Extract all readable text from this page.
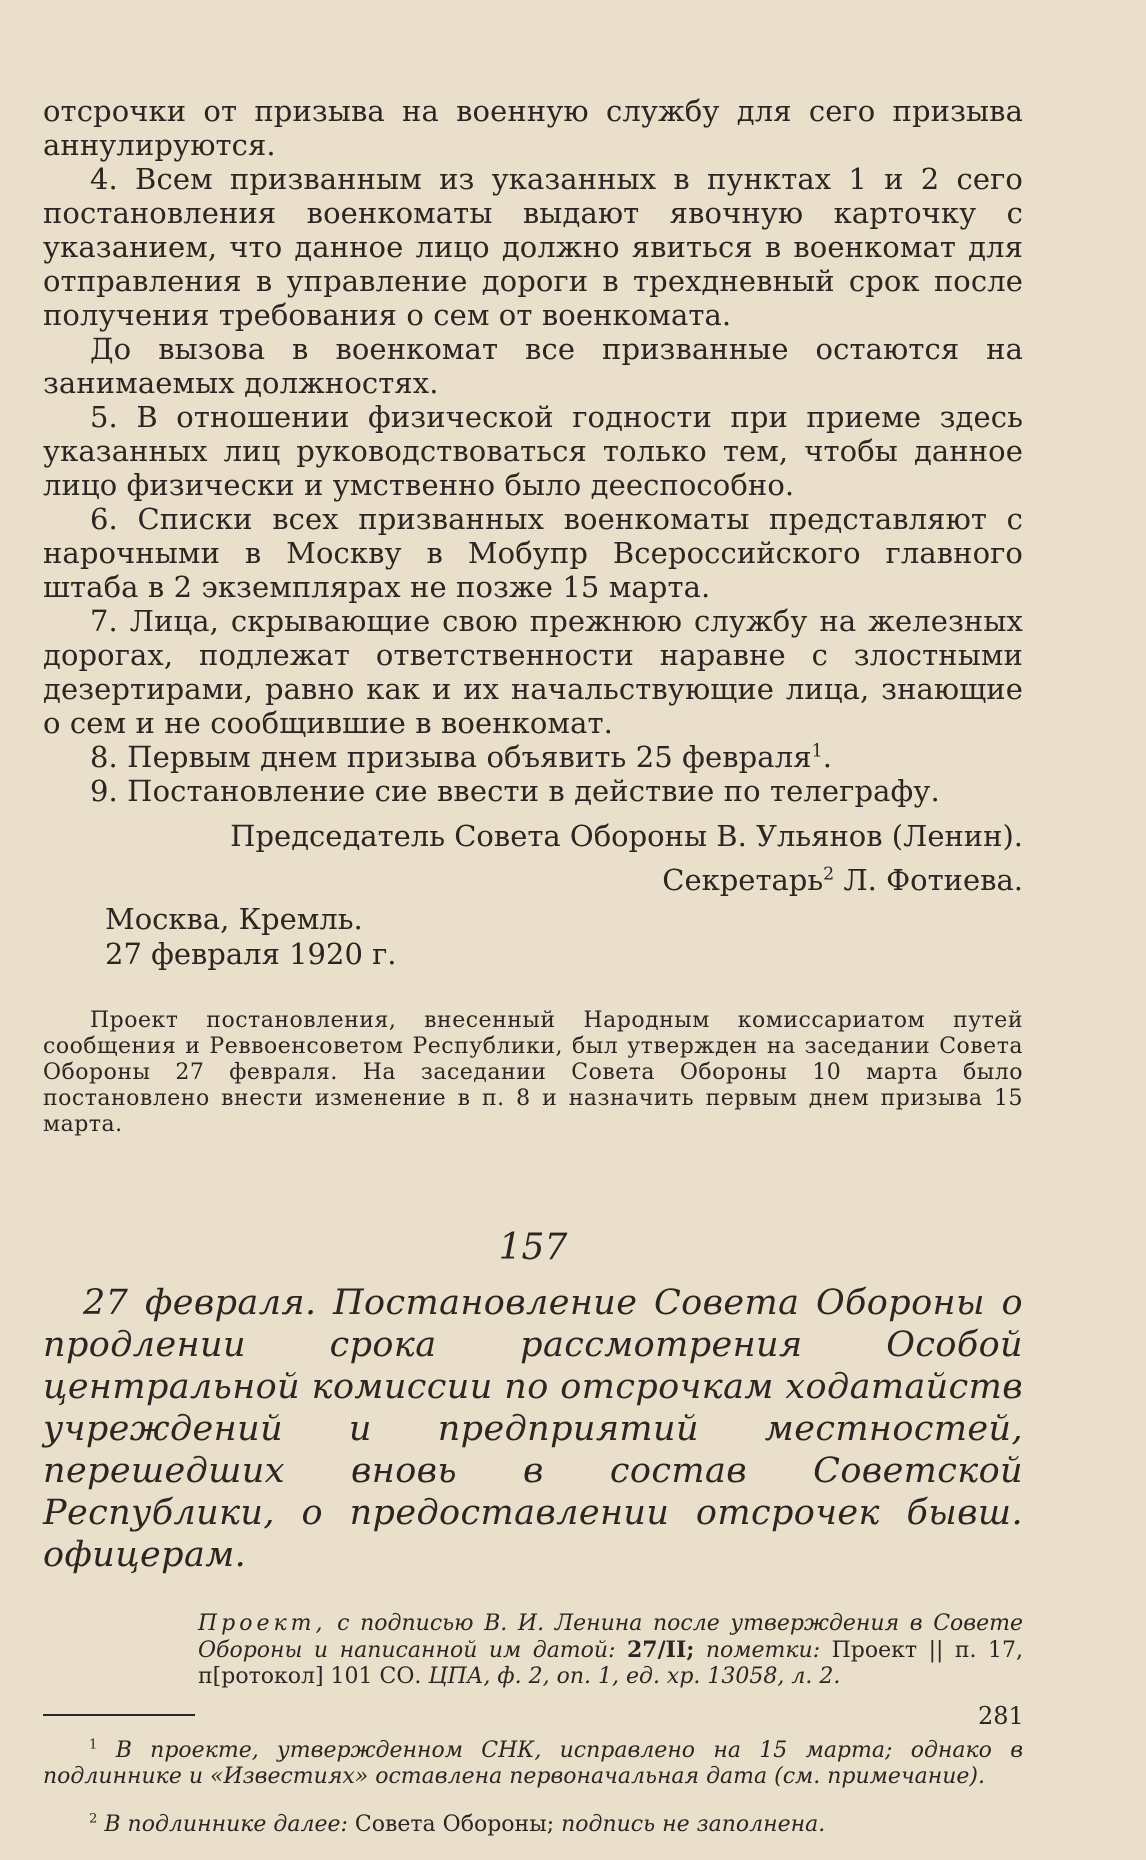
отсрочки от призыва на военную службу для сего призыва аннулируются.

4. Всем призванным из указанных в пунктах 1 и 2 сего постановления военкоматы выдают явочную карточку с указанием, что данное лицо должно явиться в военкомат для отправления в управление дороги в трехдневный срок после получения требования о сем от военкомата.

До вызова в военкомат все призванные остаются на занимаемых должностях.

5. В отношении физической годности при приеме здесь указанных лиц руководствоваться только тем, чтобы данное лицо физически и умственно было дееспособно.

6. Списки всех призванных военкоматы представляют с нарочными в Москву в Мобупр Всероссийского главного штаба в 2 экземплярах не позже 15 марта.

7. Лица, скрывающие свою прежнюю службу на железных дорогах, подлежат ответственности наравне с злостными дезертирами, равно как и их начальствующие лица, знающие о сем и не сообщившие в военкомат.

8. Первым днем призыва объявить 25 февраля$^1$.

9. Постановление сие ввести в действие по телеграфу.

Председатель Совета Обороны В. Ульянов (Ленин).
Секретарь$^2$ Л. Фотиева.
Москва, Кремль.
27 февраля 1920 г.

Проект постановления, внесенный Народным комиссариатом путей сообщения и Реввоенсоветом Республики, был утвержден на заседании Совета Обороны 27 февраля. На заседании Совета Обороны 10 марта было постановлено внести изменение в п. 8 и назначить первым днем призыва 15 марта.

157

27 февраля. Постановление Совета Обороны о продлении срока рассмотрения Особой центральной комиссии по отсрочкам ходатайств учреждений и предприятий местностей, перешедших вновь в состав Советской Республики, о предоставлении отсрочек бывш. офицерам.

Проект, с подписью В. И. Ленина после утверждения в Совете Обороны и написанной им датой: 27/II; пометки: Проект || п. 17, п[ротокол] 101 СО. ЦПА, ф. 2, оп. 1, ед. хр. 13058, л. 2.

$^1$ В проекте, утвержденном СНК, исправлено на 15 марта; однако в подлиннике и «Известиях» оставлена первоначальная дата (см. примечание).

$^2$ В подлиннике далее: Совета Обороны; подпись не заполнена.

281
